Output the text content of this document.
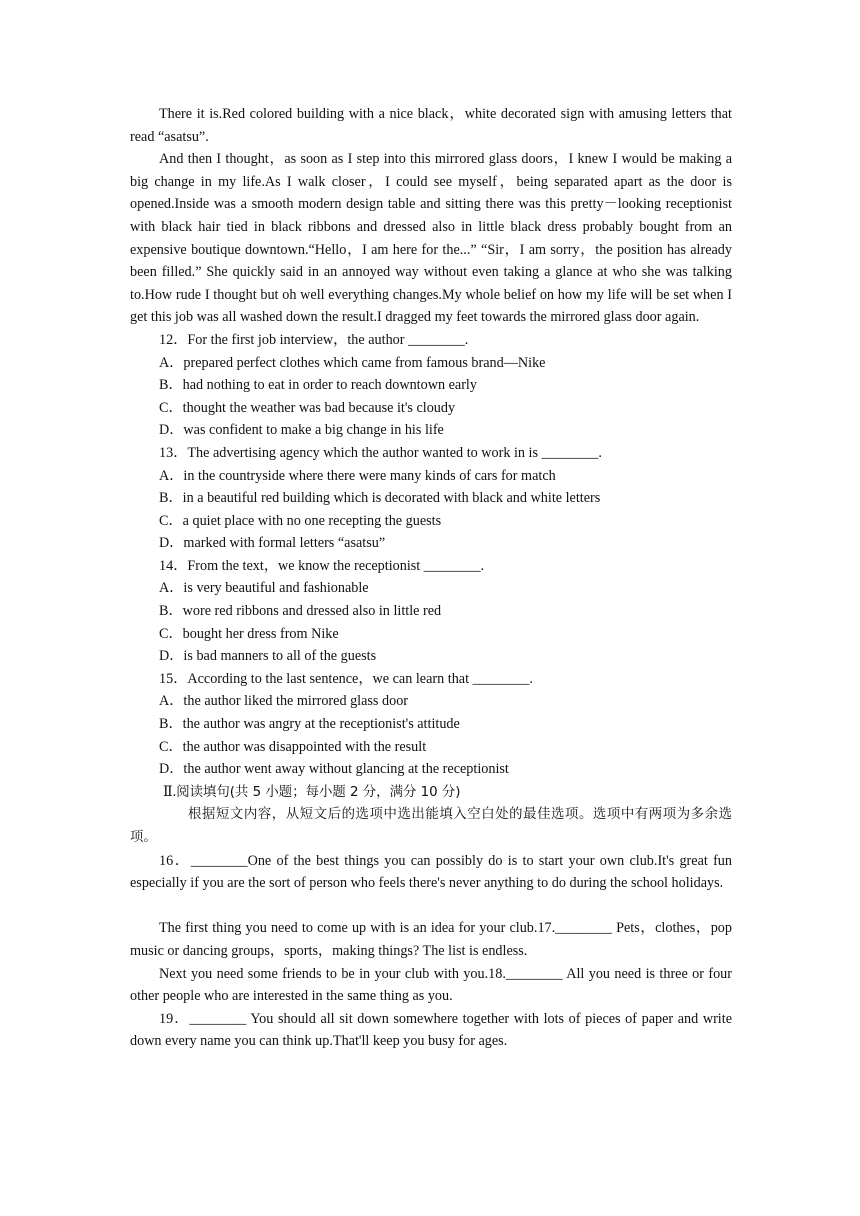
There it is.Red colored building with a nice black，white decorated sign with amusing letters that read “asatsu”.

And then I thought，as soon as I step into this mirrored glass doors，I knew I would be making a big change in my life.As I walk closer，I could see myself，being separated apart as the door is opened.Inside was a smooth modern design table and sitting there was this pretty－looking receptionist with black hair tied in black ribbons and dressed also in little black dress probably bought from an expensive boutique downtown.“Hello，I am here for the...” “Sir，I am sorry，the position has already been filled.” She quickly said in an annoyed way without even taking a glance at who she was talking to.How rude I thought but oh well everything changes.My whole belief on how my life will be set when I get this job was all washed down the result.I dragged my feet towards the mirrored glass door again.

12．For the first job interview，the author ________.

A．prepared perfect clothes which came from famous brand—Nike

B．had nothing to eat in order to reach downtown early

C．thought the weather was bad because it's cloudy

D．was confident to make a big change in his life

13．The advertising agency which the author wanted to work in is ________.

A．in the countryside where there were many kinds of cars for match

B．in a beautiful red building which is decorated with black and white letters

C．a quiet place with no one recepting the guests

D．marked with formal letters “asatsu”

14．From the text，we know the receptionist ________.

A．is very beautiful and fashionable

B．wore red ribbons and dressed also in little red

C．bought her dress from Nike

D．is bad manners to all of the guests

15．According to the last sentence，we can learn that ________.

A．the author liked the mirrored glass door

B．the author was angry at the receptionist's attitude

C．the author was disappointed with the result

D．the author went away without glancing at the receptionist

Ⅱ.阅读填句(共 5 小题；每小题 2 分，满分 10 分)

根据短文内容，从短文后的选项中选出能填入空白处的最佳选项。选项中有两项为多余选项。

16．________One of the best things you can possibly do is to start your own club.It's great fun especially if you are the sort of person who feels there's never anything to do during the school holidays.

The first thing you need to come up with is an idea for your club.17.________ Pets，clothes，pop music or dancing groups，sports，making things? The list is endless.

Next you need some friends to be in your club with you.18.________ All you need is three or four other people who are interested in the same thing as you.

19．________ You should all sit down somewhere together with lots of pieces of paper and write down every name you can think up.That'll keep you busy for ages.
